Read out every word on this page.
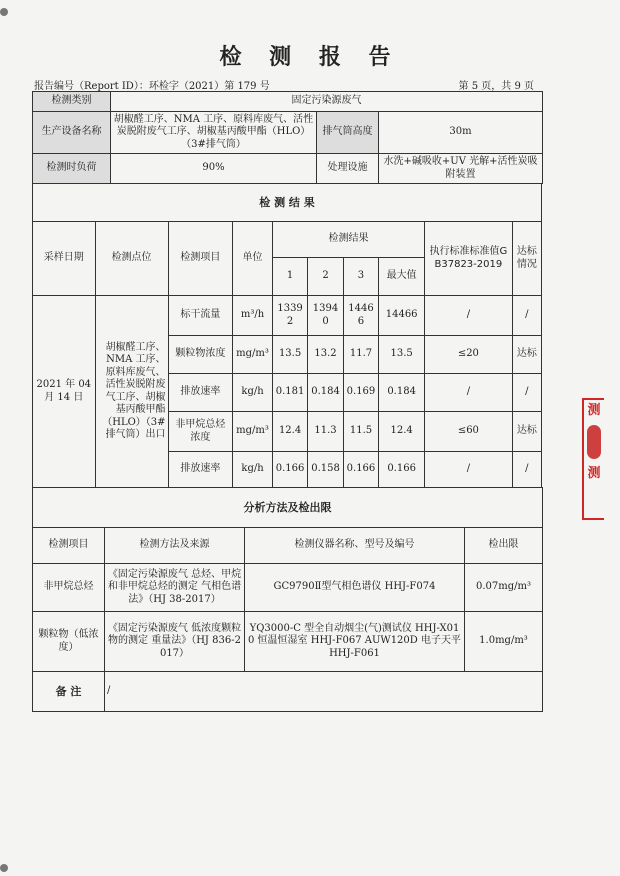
检 测 报 告
报告编号（Report ID）：环检字（2021）第 179 号	第 5 页，共 9 页
检测类别	固定污染源废气		
生产设备名称	胡椒醛工序、NMA 工序、原料库废气、活性炭脱附废气工序、胡椒基丙酸甲酯（HLO）（3#排气筒）	排气筒高度	30m
检测时负荷	90%	处理设施	水洗+碱吸收+UV 光解+活性炭吸附装置
检 测 结 果									
采样日期	检测点位	检测项目	单位	检测结果				执行标准标准值GB37823-2019	达标情况
				1	2	3	最大值		
2021 年 04 月 14 日	胡椒醛工序、NMA 工序、原料库废气、活性炭脱附废气工序、胡椒基丙酸甲酯（HLO）（3#排气筒）出口	标干流量	m³/h	13392	13940	14466	14466	/	/
		颗粒物浓度	mg/m³	13.5	13.2	11.7	13.5	≤20	达标
		排放速率	kg/h	0.181	0.184	0.169	0.184	/	/
		非甲烷总烃浓度	mg/m³	12.4	11.3	11.5	12.4	≤60	达标
		排放速率	kg/h	0.166	0.158	0.166	0.166	/	/
分析方法及检出限			
检测项目	检测方法及来源	检测仪器名称、型号及编号	检出限
非甲烷总烃	《固定污染源废气 总烃、甲烷和非甲烷总烃的测定 气相色谱法》（HJ 38-2017）	GC9790Ⅱ型气相色谱仪 HHJ-F074	0.07mg/m³
颗粒物（低浓度）	《固定污染源废气 低浓度颗粒物的测定 重量法》（HJ 836-2017）	YQ3000-C 型全自动烟尘(气)测试仪 HHJ-X010 恒温恒湿室 HHJ-F067 AUW120D 电子天平 HHJ-F061	1.0mg/m³
备 注	/		
测
测
